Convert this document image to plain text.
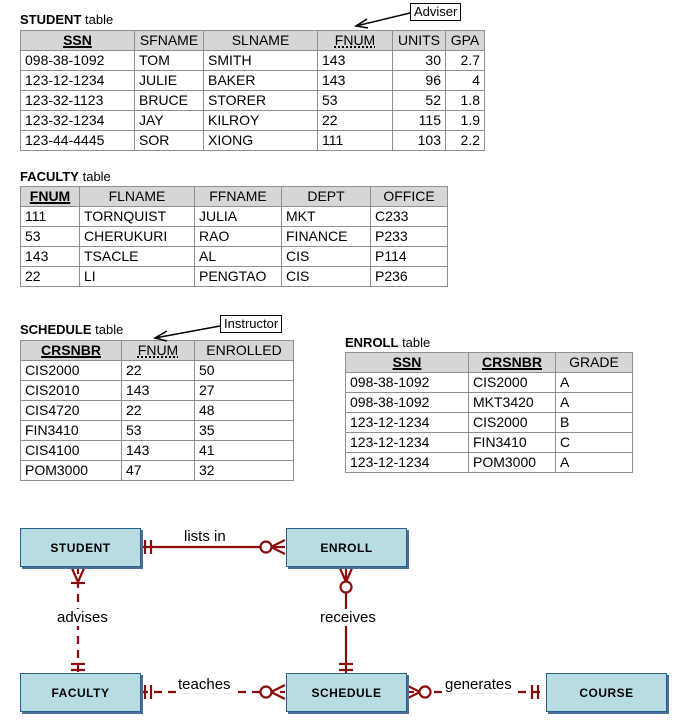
STUDENT table
Adviser
SSN	SFNAME	SLNAME	FNUM	UNITS	GPA
098-38-1092	TOM	SMITH	143	30	2.7
123-12-1234	JULIE	BAKER	143	96	4
123-32-1123	BRUCE	STORER	53	52	1.8
123-32-1234	JAY	KILROY	22	115	1.9
123-44-4445	SOR	XIONG	111	103	2.2
FACULTY table
FNUM	FLNAME	FFNAME	DEPT	OFFICE
111	TORNQUIST	JULIA	MKT	C233
53	CHERUKURI	RAO	FINANCE	P233
143	TSACLE	AL	CIS	P114
22	LI	PENGTAO	CIS	P236
SCHEDULE table	Instructor
CRSNBR	FNUM	ENROLLED
CIS2000	22	50
CIS2010	143	27
CIS4720	22	48
FIN3410	53	35
CIS4100	143	41
POM3000	47	32
ENROLL table
SSN	CRSNBR	GRADE
098-38-1092	CIS2000	A
098-38-1092	MKT3420	A
123-12-1234	CIS2000	B
123-12-1234	FIN3410	C
123-12-1234	POM3000	A
STUDENT	ENROLL
FACULTY	SCHEDULE	COURSE
lists in
advises	receives
teaches	generates
